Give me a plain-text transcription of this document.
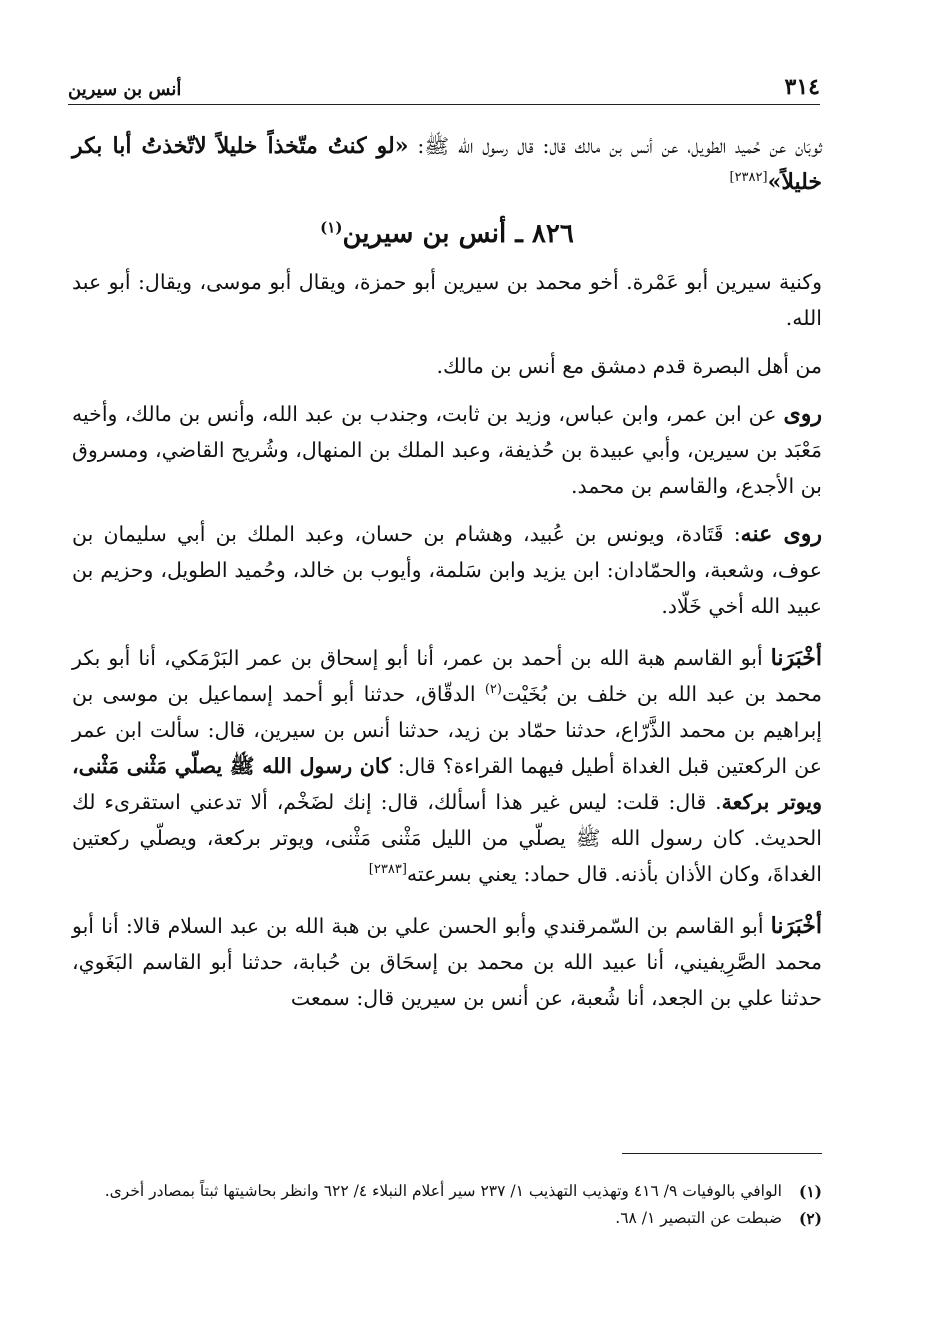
٣١٤
أنس بن سيرين

ثوبَان عن حُميد الطويل، عن أنس بن مالك قال: قال رسول الله ﷺ: «لو كنتُ متّخذاً خليلاً لاتّخذتُ أبا بكر خليلاً»[٢٣٨٢]

٨٢٦ ـ أنس بن سيرين$^{(١)}$

وكنية سيرين أبو عَمْرة. أخو محمد بن سيرين أبو حمزة، ويقال أبو موسى، ويقال: أبو عبد الله.

من أهل البصرة قدم دمشق مع أنس بن مالك.

روى عن ابن عمر، وابن عباس، وزيد بن ثابت، وجندب بن عبد الله، وأنس بن مالك، وأخيه مَعْبَد بن سيرين، وأبي عبيدة بن حُذيفة، وعبد الملك بن المنهال، وشُريح القاضي، ومسروق بن الأجدع، والقاسم بن محمد.

روى عنه: قَتَادة، ويونس بن عُبيد، وهشام بن حسان، وعبد الملك بن أبي سليمان بن عوف، وشعبة، والحمّادان: ابن يزيد وابن سَلمة، وأيوب بن خالد، وحُميد الطويل، وحزيم بن عبيد الله أخي خَلّاد.

أخْبَرَنا أبو القاسم هبة الله بن أحمد بن عمر، أنا أبو إسحاق بن عمر البَرْمَكي، أنا أبو بكر محمد بن عبد الله بن خلف بن بُخَيْت$^{(٢)}$ الدقّاق، حدثنا أبو أحمد إسماعيل بن موسى بن إبراهيم بن محمد الذَّرّاع، حدثنا حمّاد بن زيد، حدثنا أنس بن سيرين، قال: سألت ابن عمر عن الركعتين قبل الغداة أطيل فيهما القراءة؟ قال: كان رسول الله ﷺ يصلّي مَثْنى مَثْنى، ويوتر بركعة. قال: قلت: ليس غير هذا أسألك، قال: إنك لضَخْم، ألا تدعني استقرىء لك الحديث. كان رسول الله ﷺ يصلّي من الليل مَثْنى مَثْنى، ويوتر بركعة، ويصلّي ركعتين الغداةَ، وكان الأذان بأذنه. قال حماد: يعني بسرعته[٢٣٨٣]

أخْبَرَنا أبو القاسم بن السّمرقندي وأبو الحسن علي بن هبة الله بن عبد السلام قالا: أنا أبو محمد الصَّرِيفيني، أنا عبيد الله بن محمد بن إسحَاق بن حُبابة، حدثنا أبو القاسم البَغَوي، حدثنا علي بن الجعد، أنا شُعبة، عن أنس بن سيرين قال: سمعت

(١)
الوافي بالوفيات ٩/ ٤١٦ وتهذيب التهذيب ١/ ٢٣٧ سير أعلام النبلاء ٤/ ٦٢٢ وانظر بحاشيتها ثبتاً بمصادر أخرى.
(٢)
ضبطت عن التبصير ١/ ٦٨.
